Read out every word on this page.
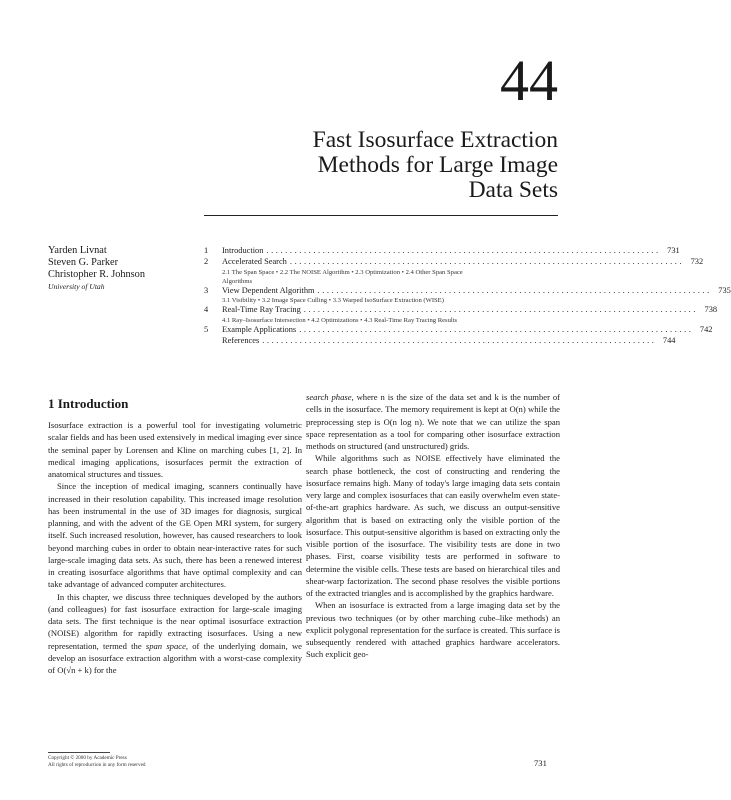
44
Fast Isosurface Extraction
Methods for Large Image
Data Sets
Yarden Livnat
Steven G. Parker
Christopher R. Johnson
University of Utah
1	Introduction .................................................................................... 731
2	Accelerated Search .................................................................................... 732
2.1 The Span Space • 2.2 The NOISE Algorithm • 2.3 Optimization • 2.4 Other Span Space
Algorithms
3	View Dependent Algorithm .................................................................................... 735
3.1 Visibility • 3.2 Image Space Culling • 3.3 Warped IsoSurface Extraction (WISE)
4	Real-Time Ray Tracing .................................................................................... 738
4.1 Ray–Isosurface Intersection • 4.2 Optimizations • 4.3 Real-Time Ray Tracing Results
5	Example Applications .................................................................................... 742
References .................................................................................... 744
1 Introduction

Isosurface extraction is a powerful tool for investigating volumetric scalar fields and has been used extensively in medical imaging ever since the seminal paper by Lorensen and Kline on marching cubes [1, 2]. In medical imaging applications, isosurfaces permit the extraction of anatomical structures and tissues.

Since the inception of medical imaging, scanners continually have increased in their resolution capability. This increased image resolution has been instrumental in the use of 3D images for diagnosis, surgical planning, and with the advent of the GE Open MRI system, for surgery itself. Such increased resolution, however, has caused researchers to look beyond marching cubes in order to obtain near-interactive rates for such large-scale imaging data sets. As such, there has been a renewed interest in creating isosurface algorithms that have optimal complexity and can take advantage of advanced computer architectures.

In this chapter, we discuss three techniques developed by the authors (and colleagues) for fast isosurface extraction for large-scale imaging data sets. The first technique is the near optimal isosurface extraction (NOISE) algorithm for rapidly extracting isosurfaces. Using a new representation, termed the span space, of the underlying domain, we develop an isosurface extraction algorithm with a worst-case complexity of O(√n + k) for the

search phase, where n is the size of the data set and k is the number of cells in the isosurface. The memory requirement is kept at O(n) while the preprocessing step is O(n log n). We note that we can utilize the span space representation as a tool for comparing other isosurface extraction methods on structured (and unstructured) grids.

While algorithms such as NOISE effectively have eliminated the search phase bottleneck, the cost of constructing and rendering the isosurface remains high. Many of today's large imaging data sets contain very large and complex isosurfaces that can easily overwhelm even state-of-the-art graphics hardware. As such, we discuss an output-sensitive algorithm that is based on extracting only the visible portion of the isosurface. This output-sensitive algorithm is based on extracting only the visible portion of the isosurface. The visibility tests are done in two phases. First, coarse visibility tests are performed in software to determine the visible cells. These tests are based on hierarchical tiles and shear-warp factorization. The second phase resolves the visible portions of the extracted triangles and is accomplished by the graphics hardware.

When an isosurface is extracted from a large imaging data set by the previous two techniques (or by other marching cube–like methods) an explicit polygonal representation for the surface is created. This surface is subsequently rendered with attached graphics hardware accelerators. Such explicit geo-

Copyright © 2000 by Academic Press
All rights of reproduction in any form reserved	731
